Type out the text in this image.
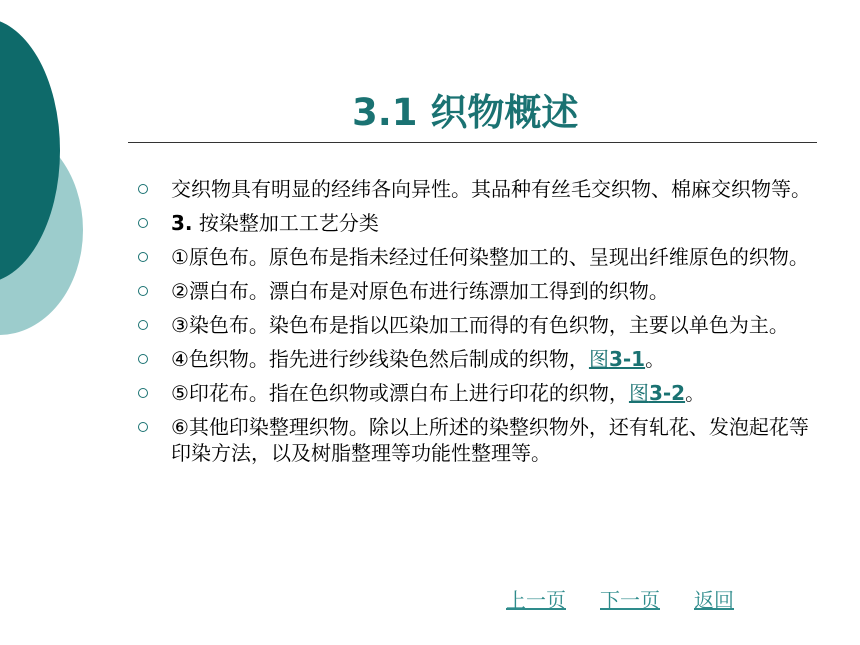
3.1 织物概述
交织物具有明显的经纬各向异性。其品种有丝毛交织物、棉麻交织物等。
3. 按染整加工工艺分类
①原色布。原色布是指未经过任何染整加工的、呈现出纤维原色的织物。
②漂白布。漂白布是对原色布进行练漂加工得到的织物。
③染色布。染色布是指以匹染加工而得的有色织物，主要以单色为主。
④色织物。指先进行纱线染色然后制成的织物，图3-1。
⑤印花布。指在色织物或漂白布上进行印花的织物，图3-2。
⑥其他印染整理织物。除以上所述的染整织物外，还有轧花、发泡起花等印染方法，以及树脂整理等功能性整理等。
上一页 下一页 返回
